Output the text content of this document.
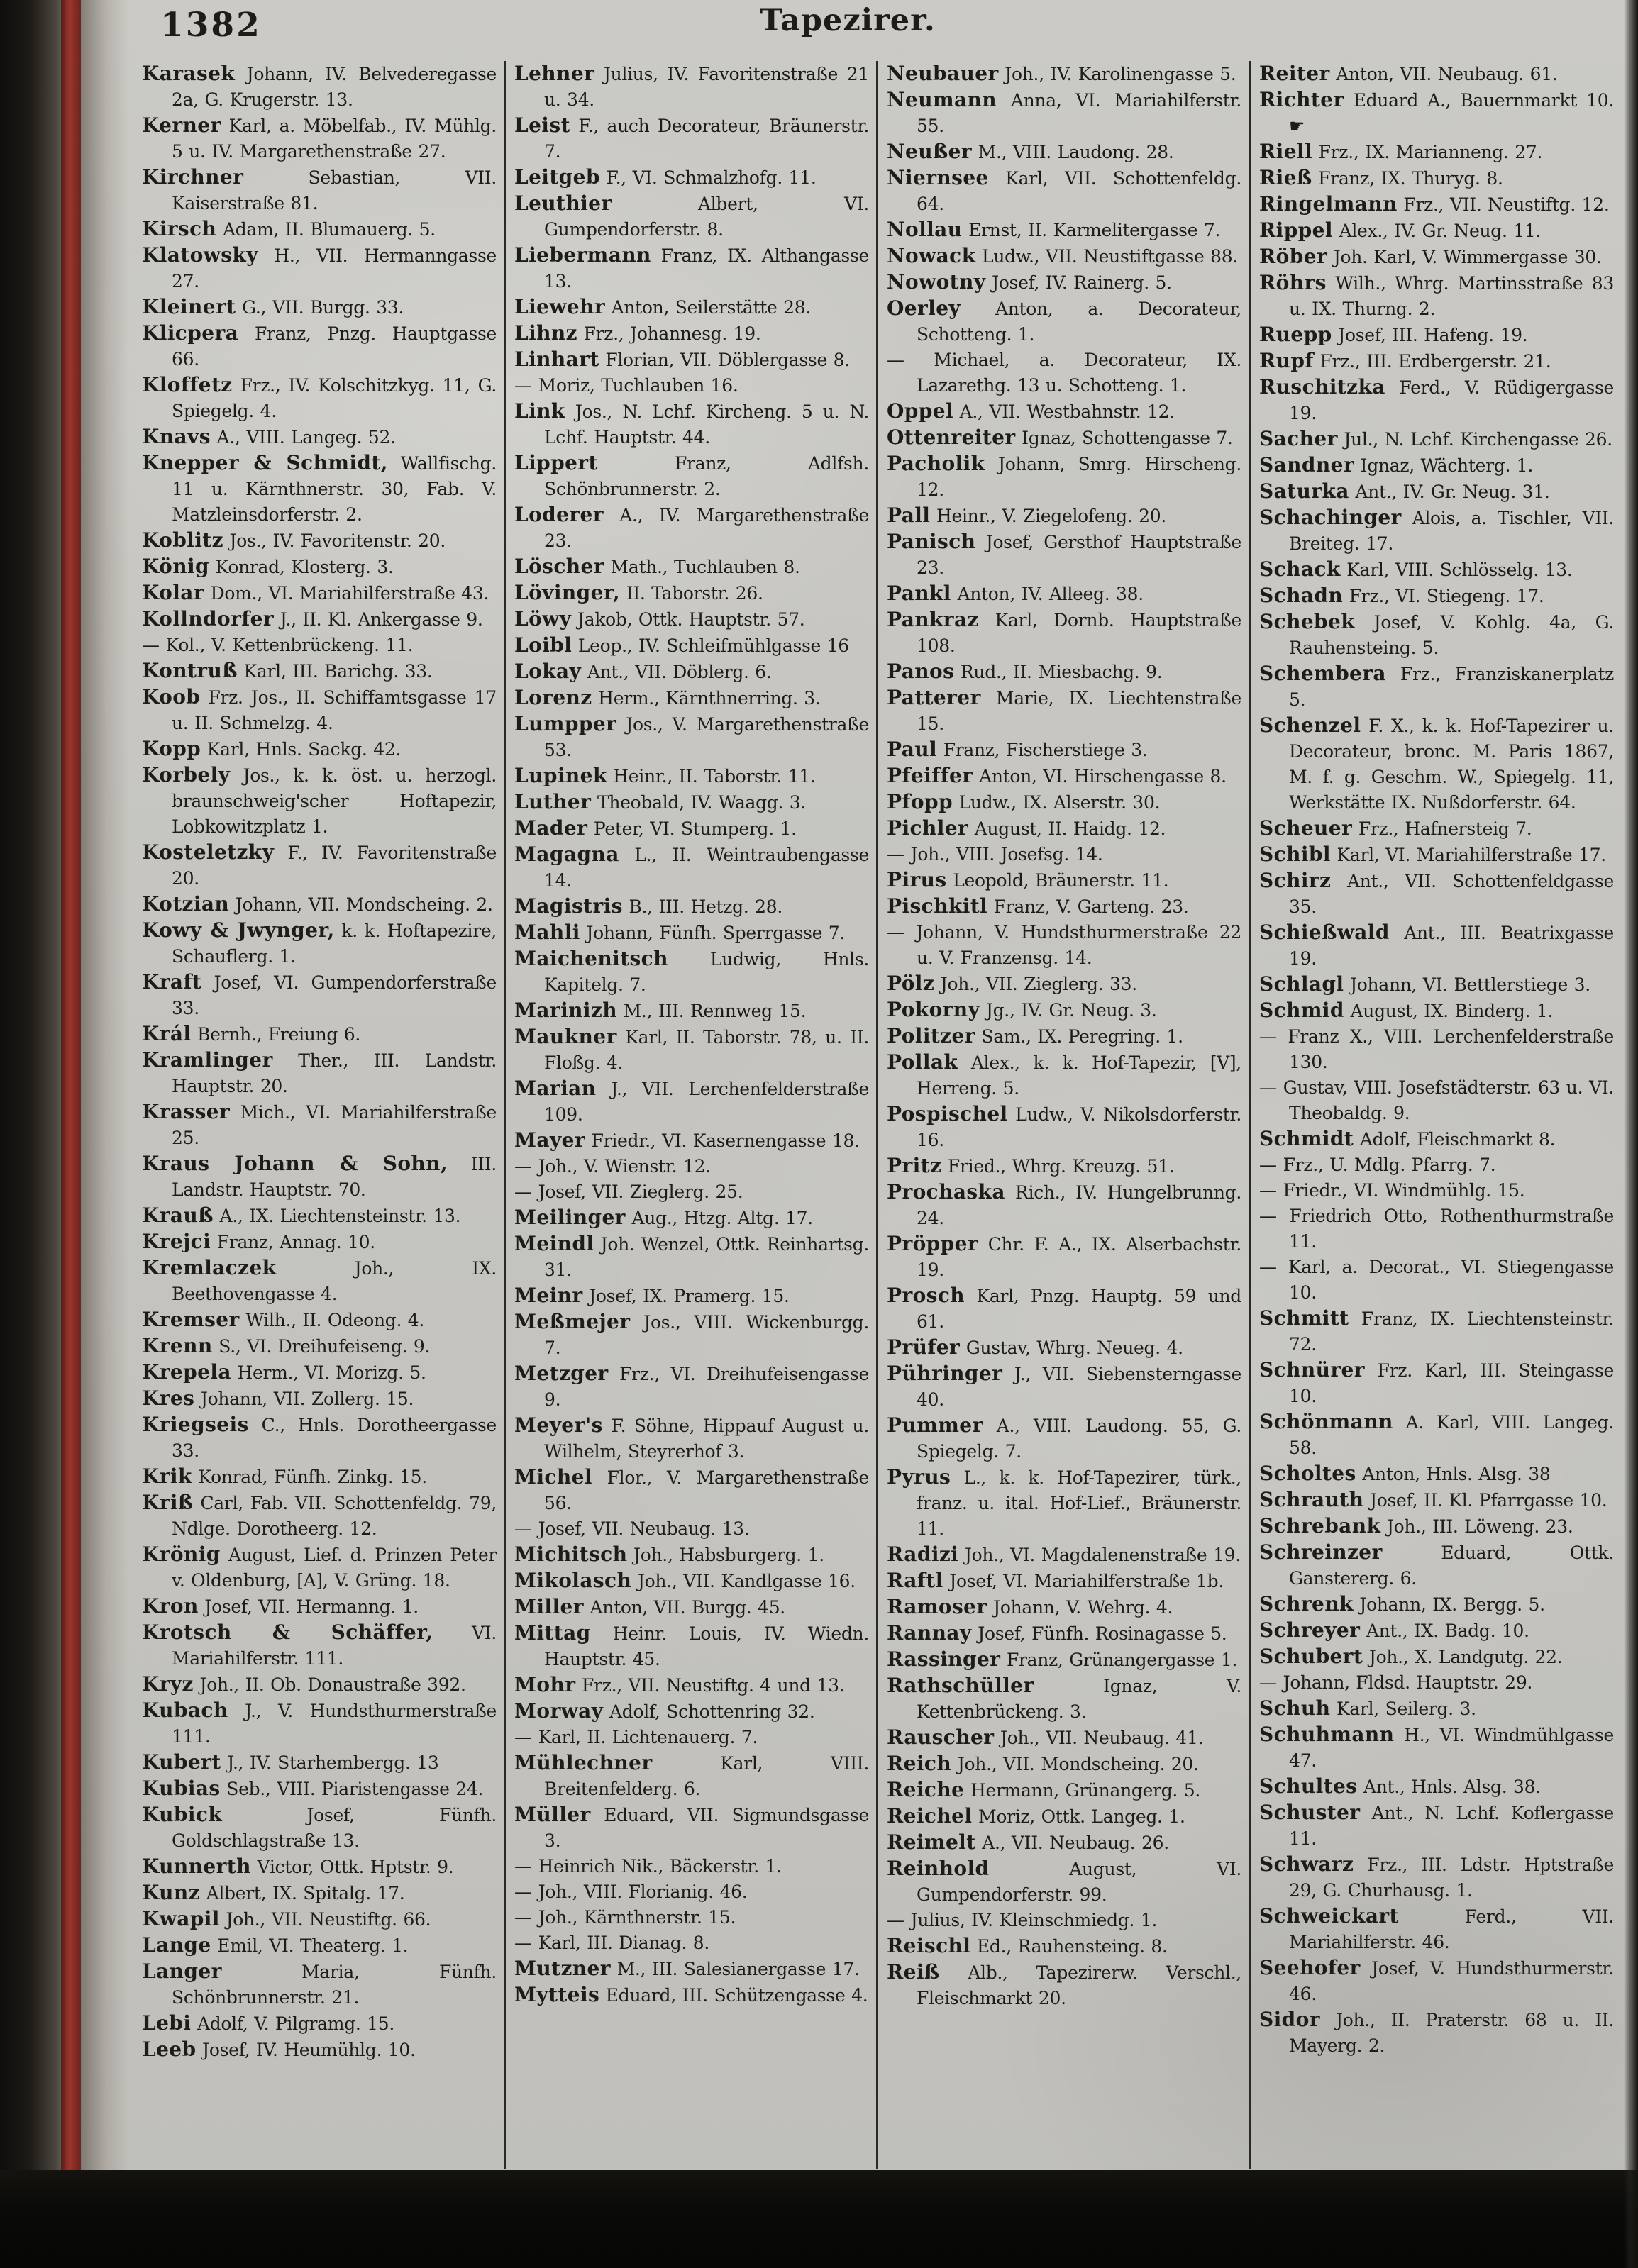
1382	Tapezirer.

Karasek Johann, IV. Belvederegasse 2a, G. Krugerstr. 13.

Kerner Karl, a. Möbelfab., IV. Mühlg. 5 u. IV. Margarethenstraße 27.

Kirchner Sebastian, VII. Kaiserstraße 81.

Kirsch Adam, II. Blumauerg. 5.

Klatowsky H., VII. Hermanngasse 27.

Kleinert G., VII. Burgg. 33.

Klicpera Franz, Pnzg. Hauptgasse 66.

Kloffetz Frz., IV. Kolschitzkyg. 11, G. Spiegelg. 4.

Knavs A., VIII. Langeg. 52.

Knepper & Schmidt, Wallfischg. 11 u. Kärnthnerstr. 30, Fab. V. Matzleinsdorferstr. 2.

Koblitz Jos., IV. Favoritenstr. 20.

König Konrad, Klosterg. 3.

Kolar Dom., VI. Mariahilferstraße 43.

Kollndorfer J., II. Kl. Ankergasse 9.

— Kol., V. Kettenbrückeng. 11.

Kontruß Karl, III. Barichg. 33.

Koob Frz. Jos., II. Schiffamtsgasse 17 u. II. Schmelzg. 4.

Kopp Karl, Hnls. Sackg. 42.

Korbely Jos., k. k. öst. u. herzogl. braunschweig'scher Hoftapezir, Lobkowitzplatz 1.

Kosteletzky F., IV. Favoritenstraße 20.

Kotzian Johann, VII. Mondscheing. 2.

Kowy & Jwynger, k. k. Hoftapezire, Schauflerg. 1.

Kraft Josef, VI. Gumpendorferstraße 33.

Král Bernh., Freiung 6.

Kramlinger Ther., III. Landstr. Hauptstr. 20.

Krasser Mich., VI. Mariahilferstraße 25.

Kraus Johann & Sohn, III. Landstr. Hauptstr. 70.

Krauß A., IX. Liechtensteinstr. 13.

Krejci Franz, Annag. 10.

Kremlaczek Joh., IX. Beethovengasse 4.

Kremser Wilh., II. Odeong. 4.

Krenn S., VI. Dreihufeiseng. 9.

Krepela Herm., VI. Morizg. 5.

Kres Johann, VII. Zollerg. 15.

Kriegseis C., Hnls. Dorotheergasse 33.

Krik Konrad, Fünfh. Zinkg. 15.

Kriß Carl, Fab. VII. Schottenfeldg. 79, Ndlge. Dorotheerg. 12.

Krönig August, Lief. d. Prinzen Peter v. Oldenburg, [A], V. Grüng. 18.

Kron Josef, VII. Hermanng. 1.

Krotsch & Schäffer, VI. Mariahilferstr. 111.

Kryz Joh., II. Ob. Donaustraße 392.

Kubach J., V. Hundsthurmerstraße 111.

Kubert J., IV. Starhembergg. 13

Kubias Seb., VIII. Piaristengasse 24.

Kubick Josef, Fünfh. Goldschlagstraße 13.

Kunnerth Victor, Ottk. Hptstr. 9.

Kunz Albert, IX. Spitalg. 17.

Kwapil Joh., VII. Neustiftg. 66.

Lange Emil, VI. Theaterg. 1.

Langer Maria, Fünfh. Schönbrunnerstr. 21.

Lebi Adolf, V. Pilgramg. 15.

Leeb Josef, IV. Heumühlg. 10.

Lehner Julius, IV. Favoritenstraße 21 u. 34.

Leist F., auch Decorateur, Bräunerstr. 7.

Leitgeb F., VI. Schmalzhofg. 11.

Leuthier Albert, VI. Gumpendorferstr. 8.

Liebermann Franz, IX. Althangasse 13.

Liewehr Anton, Seilerstätte 28.

Lihnz Frz., Johannesg. 19.

Linhart Florian, VII. Döblergasse 8.

— Moriz, Tuchlauben 16.

Link Jos., N. Lchf. Kircheng. 5 u. N. Lchf. Hauptstr. 44.

Lippert Franz, Adlfsh. Schönbrunnerstr. 2.

Loderer A., IV. Margarethenstraße 23.

Löscher Math., Tuchlauben 8.

Lövinger, II. Taborstr. 26.

Löwy Jakob, Ottk. Hauptstr. 57.

Loibl Leop., IV. Schleifmühlgasse 16

Lokay Ant., VII. Döblerg. 6.

Lorenz Herm., Kärnthnerring. 3.

Lumpper Jos., V. Margarethenstraße 53.

Lupinek Heinr., II. Taborstr. 11.

Luther Theobald, IV. Waagg. 3.

Mader Peter, VI. Stumperg. 1.

Magagna L., II. Weintraubengasse 14.

Magistris B., III. Hetzg. 28.

Mahli Johann, Fünfh. Sperrgasse 7.

Maichenitsch Ludwig, Hnls. Kapitelg. 7.

Marinizh M., III. Rennweg 15.

Maukner Karl, II. Taborstr. 78, u. II. Floßg. 4.

Marian J., VII. Lerchenfelderstraße 109.

Mayer Friedr., VI. Kasernengasse 18.

— Joh., V. Wienstr. 12.

— Josef, VII. Zieglerg. 25.

Meilinger Aug., Htzg. Altg. 17.

Meindl Joh. Wenzel, Ottk. Reinhartsg. 31.

Meinr Josef, IX. Pramerg. 15.

Meßmejer Jos., VIII. Wickenburgg. 7.

Metzger Frz., VI. Dreihufeisengasse 9.

Meyer's F. Söhne, Hippauf August u. Wilhelm, Steyrerhof 3.

Michel Flor., V. Margarethenstraße 56.

— Josef, VII. Neubaug. 13.

Michitsch Joh., Habsburgerg. 1.

Mikolasch Joh., VII. Kandlgasse 16.

Miller Anton, VII. Burgg. 45.

Mittag Heinr. Louis, IV. Wiedn. Hauptstr. 45.

Mohr Frz., VII. Neustiftg. 4 und 13.

Morway Adolf, Schottenring 32.

— Karl, II. Lichtenauerg. 7.

Mühlechner Karl, VIII. Breitenfelderg. 6.

Müller Eduard, VII. Sigmundsgasse 3.

— Heinrich Nik., Bäckerstr. 1.

— Joh., VIII. Florianig. 46.

— Joh., Kärnthnerstr. 15.

— Karl, III. Dianag. 8.

Mutzner M., III. Salesianergasse 17.

Mytteis Eduard, III. Schützengasse 4.

Neubauer Joh., IV. Karolinengasse 5.

Neumann Anna, VI. Mariahilferstr. 55.

Neußer M., VIII. Laudong. 28.

Niernsee Karl, VII. Schottenfeldg. 64.

Nollau Ernst, II. Karmelitergasse 7.

Nowack Ludw., VII. Neustiftgasse 88.

Nowotny Josef, IV. Rainerg. 5.

Oerley Anton, a. Decorateur, Schotteng. 1.

— Michael, a. Decorateur, IX. Lazarethg. 13 u. Schotteng. 1.

Oppel A., VII. Westbahnstr. 12.

Ottenreiter Ignaz, Schottengasse 7.

Pacholik Johann, Smrg. Hirscheng. 12.

Pall Heinr., V. Ziegelofeng. 20.

Panisch Josef, Gersthof Hauptstraße 23.

Pankl Anton, IV. Alleeg. 38.

Pankraz Karl, Dornb. Hauptstraße 108.

Panos Rud., II. Miesbachg. 9.

Patterer Marie, IX. Liechtenstraße 15.

Paul Franz, Fischerstiege 3.

Pfeiffer Anton, VI. Hirschengasse 8.

Pfopp Ludw., IX. Alserstr. 30.

Pichler August, II. Haidg. 12.

— Joh., VIII. Josefsg. 14.

Pirus Leopold, Bräunerstr. 11.

Pischkitl Franz, V. Garteng. 23.

— Johann, V. Hundsthurmerstraße 22 u. V. Franzensg. 14.

Pölz Joh., VII. Zieglerg. 33.

Pokorny Jg., IV. Gr. Neug. 3.

Politzer Sam., IX. Peregring. 1.

Pollak Alex., k. k. Hof-Tapezir, [V], Herreng. 5.

Pospischel Ludw., V. Nikolsdorferstr. 16.

Pritz Fried., Whrg. Kreuzg. 51.

Prochaska Rich., IV. Hungelbrunng. 24.

Pröpper Chr. F. A., IX. Alserbachstr. 19.

Prosch Karl, Pnzg. Hauptg. 59 und 61.

Prüfer Gustav, Whrg. Neueg. 4.

Pühringer J., VII. Siebensterngasse 40.

Pummer A., VIII. Laudong. 55, G. Spiegelg. 7.

Pyrus L., k. k. Hof-Tapezirer, türk., franz. u. ital. Hof-Lief., Bräunerstr. 11.

Radizi Joh., VI. Magdalenenstraße 19.

Raftl Josef, VI. Mariahilferstraße 1b.

Ramoser Johann, V. Wehrg. 4.

Rannay Josef, Fünfh. Rosinagasse 5.

Rassinger Franz, Grünangergasse 1.

Rathschüller Ignaz, V. Kettenbrückeng. 3.

Rauscher Joh., VII. Neubaug. 41.

Reich Joh., VII. Mondscheing. 20.

Reiche Hermann, Grünangerg. 5.

Reichel Moriz, Ottk. Langeg. 1.

Reimelt A., VII. Neubaug. 26.

Reinhold August, VI. Gumpendorferstr. 99.

— Julius, IV. Kleinschmiedg. 1.

Reischl Ed., Rauhensteing. 8.

Reiß Alb., Tapezirerw. Verschl., Fleischmarkt 20.

Reiter Anton, VII. Neubaug. 61.

Richter Eduard A., Bauernmarkt 10. ☛

Riell Frz., IX. Marianneng. 27.

Rieß Franz, IX. Thuryg. 8.

Ringelmann Frz., VII. Neustiftg. 12.

Rippel Alex., IV. Gr. Neug. 11.

Röber Joh. Karl, V. Wimmergasse 30.

Röhrs Wilh., Whrg. Martinsstraße 83 u. IX. Thurng. 2.

Ruepp Josef, III. Hafeng. 19.

Rupf Frz., III. Erdbergerstr. 21.

Ruschitzka Ferd., V. Rüdigergasse 19.

Sacher Jul., N. Lchf. Kirchengasse 26.

Sandner Ignaz, Wächterg. 1.

Saturka Ant., IV. Gr. Neug. 31.

Schachinger Alois, a. Tischler, VII. Breiteg. 17.

Schack Karl, VIII. Schlösselg. 13.

Schadn Frz., VI. Stiegeng. 17.

Schebek Josef, V. Kohlg. 4a, G. Rauhensteing. 5.

Schembera Frz., Franziskanerplatz 5.

Schenzel F. X., k. k. Hof-Tapezirer u. Decorateur, bronc. M. Paris 1867, M. f. g. Geschm. W., Spiegelg. 11, Werkstätte IX. Nußdorferstr. 64.

Scheuer Frz., Hafnersteig 7.

Schibl Karl, VI. Mariahilferstraße 17.

Schirz Ant., VII. Schottenfeldgasse 35.

Schießwald Ant., III. Beatrixgasse 19.

Schlagl Johann, VI. Bettlerstiege 3.

Schmid August, IX. Binderg. 1.

— Franz X., VIII. Lerchenfelderstraße 130.

— Gustav, VIII. Josefstädterstr. 63 u. VI. Theobaldg. 9.

Schmidt Adolf, Fleischmarkt 8.

— Frz., U. Mdlg. Pfarrg. 7.

— Friedr., VI. Windmühlg. 15.

— Friedrich Otto, Rothenthurmstraße 11.

— Karl, a. Decorat., VI. Stiegengasse 10.

Schmitt Franz, IX. Liechtensteinstr. 72.

Schnürer Frz. Karl, III. Steingasse 10.

Schönmann A. Karl, VIII. Langeg. 58.

Scholtes Anton, Hnls. Alsg. 38

Schrauth Josef, II. Kl. Pfarrgasse 10.

Schrebank Joh., III. Löweng. 23.

Schreinzer Eduard, Ottk. Ganstererg. 6.

Schrenk Johann, IX. Bergg. 5.

Schreyer Ant., IX. Badg. 10.

Schubert Joh., X. Landgutg. 22.

— Johann, Fldsd. Hauptstr. 29.

Schuh Karl, Seilerg. 3.

Schuhmann H., VI. Windmühlgasse 47.

Schultes Ant., Hnls. Alsg. 38.

Schuster Ant., N. Lchf. Koflergasse 11.

Schwarz Frz., III. Ldstr. Hptstraße 29, G. Churhausg. 1.

Schweickart Ferd., VII. Mariahilferstr. 46.

Seehofer Josef, V. Hundsthurmerstr. 46.

Sidor Joh., II. Praterstr. 68 u. II. Mayerg. 2.
